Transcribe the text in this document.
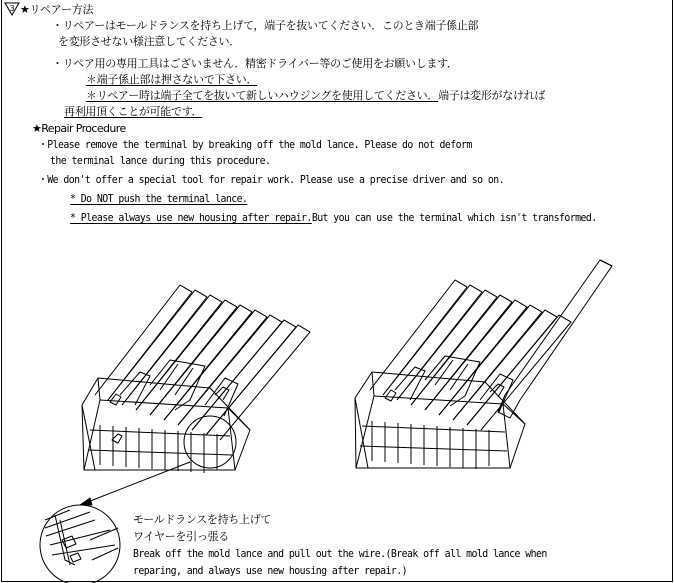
3 ★リペアー方法
・リペアーはモールドランスを持ち上げて，端子を抜いてください．このとき端子係止部
を変形させない様注意してください．
・リペア用の専用工具はございません．精密ドライバー等のご使用をお願いします．
＊端子係止部は押さないで下さい．
＊リペアー時は端子全てを抜いて新しいハウジングを使用してください．端子は変形がなければ
再利用頂くことが可能です．
★Repair Procedure
・Please remove the terminal by breaking off the mold lance. Please do not deform
the terminal lance during this procedure.
・We don't offer a special tool for repair work. Please use a precise driver and so on.
* Do NOT push the terminal lance.
* Please always use new housing after repair.But you can use the terminal which isn't transformed.
モールドランスを持ち上げて
ワイヤーを引っ張る
Break off the mold lance and pull out the wire.(Break off all mold lance when
reparing, and always use new housing after repair.)
